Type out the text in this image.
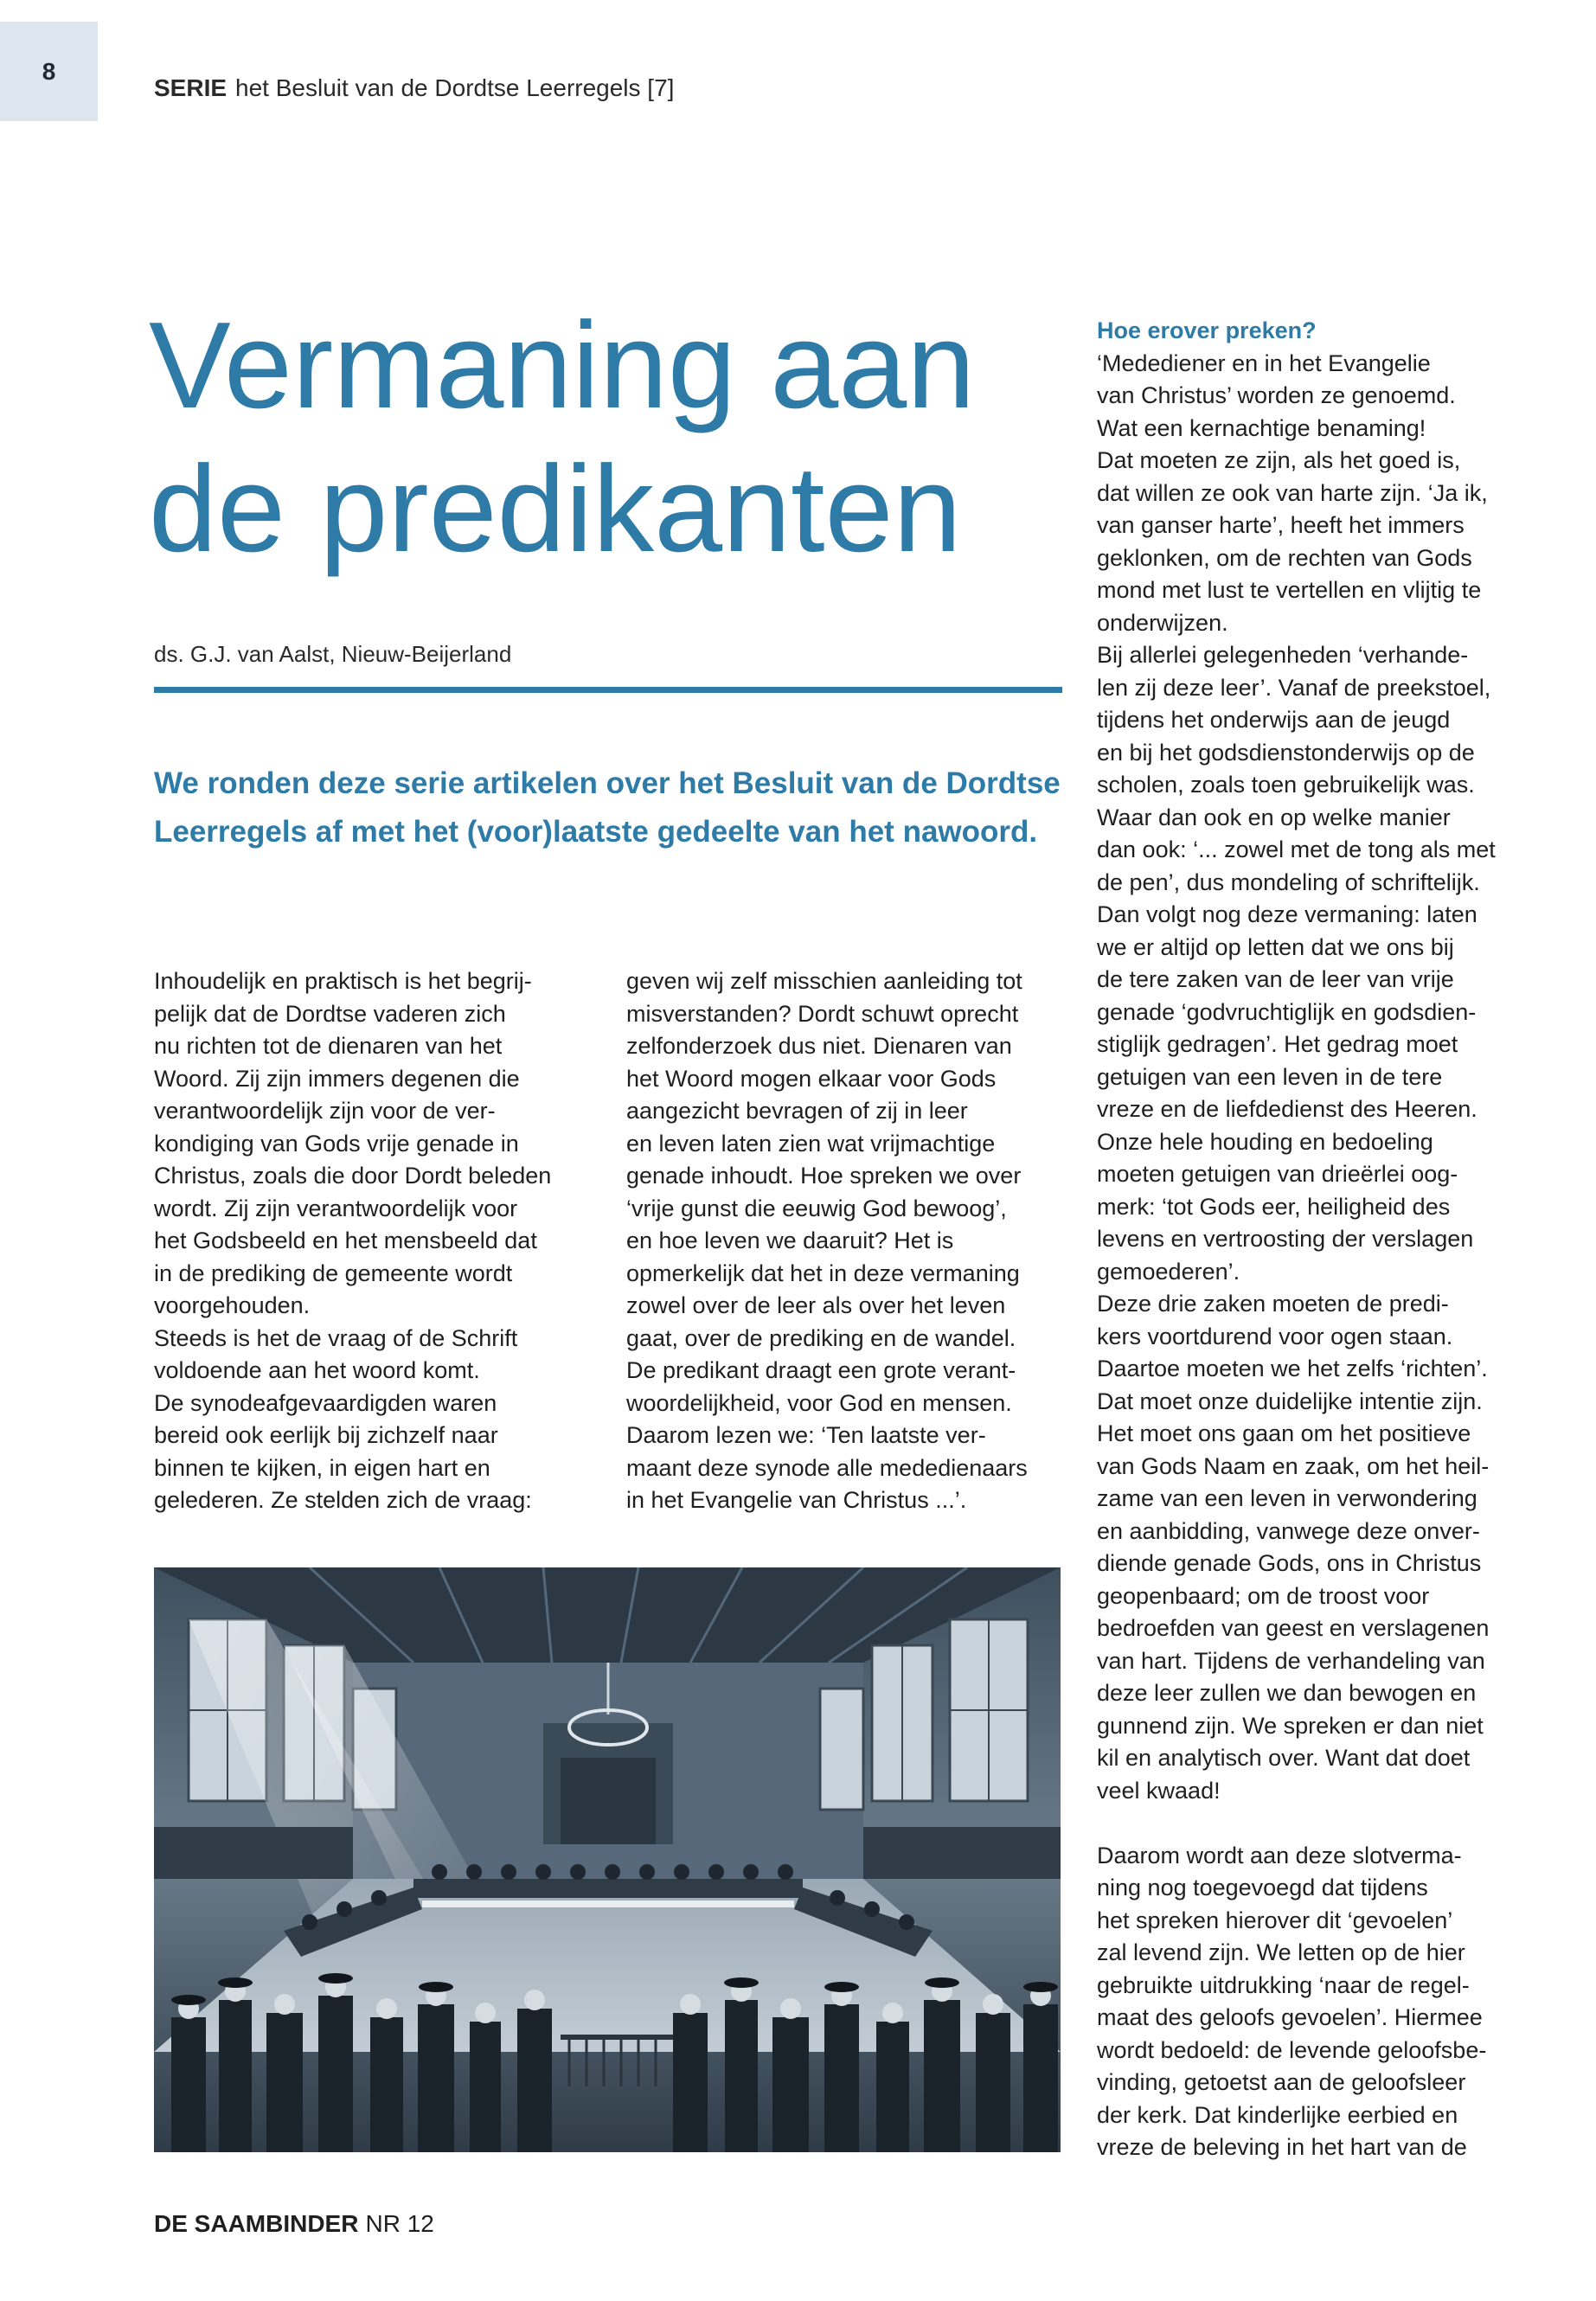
8
SERIE het Besluit van de Dordtse Leerregels [7]
Vermaning aan
de predikanten
ds. G.J. van Aalst, Nieuw-Beijerland

We ronden deze serie artikelen over het Besluit van de Dordtse Leerregels af met het (voor)laatste gedeelte van het nawoord.

Inhoudelijk en praktisch is het begrij-
pelijk dat de Dordtse vaderen zich
nu richten tot de dienaren van het
Woord. Zij zijn immers degenen die
verantwoordelijk zijn voor de ver-
kondiging van Gods vrije genade in
Christus, zoals die door Dordt beleden
wordt. Zij zijn verantwoordelijk voor
het Godsbeeld en het mensbeeld dat
in de prediking de gemeente wordt
voorgehouden.
Steeds is het de vraag of de Schrift
voldoende aan het woord komt.
De synodeafgevaardigden waren
bereid ook eerlijk bij zichzelf naar
binnen te kijken, in eigen hart en
gelederen. Ze stelden zich de vraag:
geven wij zelf misschien aanleiding tot
misverstanden? Dordt schuwt oprecht
zelfonderzoek dus niet. Dienaren van
het Woord mogen elkaar voor Gods
aangezicht bevragen of zij in leer
en leven laten zien wat vrijmachtige
genade inhoudt. Hoe spreken we over
‘vrije gunst die eeuwig God bewoog’,
en hoe leven we daaruit? Het is
opmerkelijk dat het in deze vermaning
zowel over de leer als over het leven
gaat, over de prediking en de wandel.
De predikant draagt een grote verant-
woordelijkheid, voor God en mensen.
Daarom lezen we: ‘Ten laatste ver-
maant deze synode alle mededienaars
in het Evangelie van Christus ...’.
Hoe erover preken?
‘Medediener en in het Evangelie
van Christus’ worden ze genoemd.
Wat een kernachtige benaming!
Dat moeten ze zijn, als het goed is,
dat willen ze ook van harte zijn. ‘Ja ik,
van ganser harte’, heeft het immers
geklonken, om de rechten van Gods
mond met lust te vertellen en vlijtig te
onderwijzen.
Bij allerlei gelegenheden ‘verhande-
len zij deze leer’. Vanaf de preekstoel,
tijdens het onderwijs aan de jeugd
en bij het godsdienstonderwijs op de
scholen, zoals toen gebruikelijk was.
Waar dan ook en op welke manier
dan ook: ‘... zowel met de tong als met
de pen’, dus mondeling of schriftelijk.
Dan volgt nog deze vermaning: laten
we er altijd op letten dat we ons bij
de tere zaken van de leer van vrije
genade ‘godvruchtiglijk en godsdien-
stiglijk gedragen’. Het gedrag moet
getuigen van een leven in de tere
vreze en de liefdedienst des Heeren.
Onze hele houding en bedoeling
moeten getuigen van drieërlei oog-
merk: ‘tot Gods eer, heiligheid des
levens en vertroosting der verslagen
gemoederen’.
Deze drie zaken moeten de predi-
kers voortdurend voor ogen staan.
Daartoe moeten we het zelfs ‘richten’.
Dat moet onze duidelijke intentie zijn.
Het moet ons gaan om het positieve
van Gods Naam en zaak, om het heil-
zame van een leven in verwondering
en aanbidding, vanwege deze onver-
diende genade Gods, ons in Christus
geopenbaard; om de troost voor
bedroefden van geest en verslagenen
van hart. Tijdens de verhandeling van
deze leer zullen we dan bewogen en
gunnend zijn. We spreken er dan niet
kil en analytisch over. Want dat doet
veel kwaad!
Daarom wordt aan deze slotverma-
ning nog toegevoegd dat tijdens
het spreken hierover dit ‘gevoelen’
zal levend zijn. We letten op de hier
gebruikte uitdrukking ‘naar de regel-
maat des geloofs gevoelen’. Hiermee
wordt bedoeld: de levende geloofsbe-
vinding, getoetst aan de geloofsleer
der kerk. Dat kinderlijke eerbied en
vreze de beleving in het hart van de
DE SAAMBINDER NR 12
